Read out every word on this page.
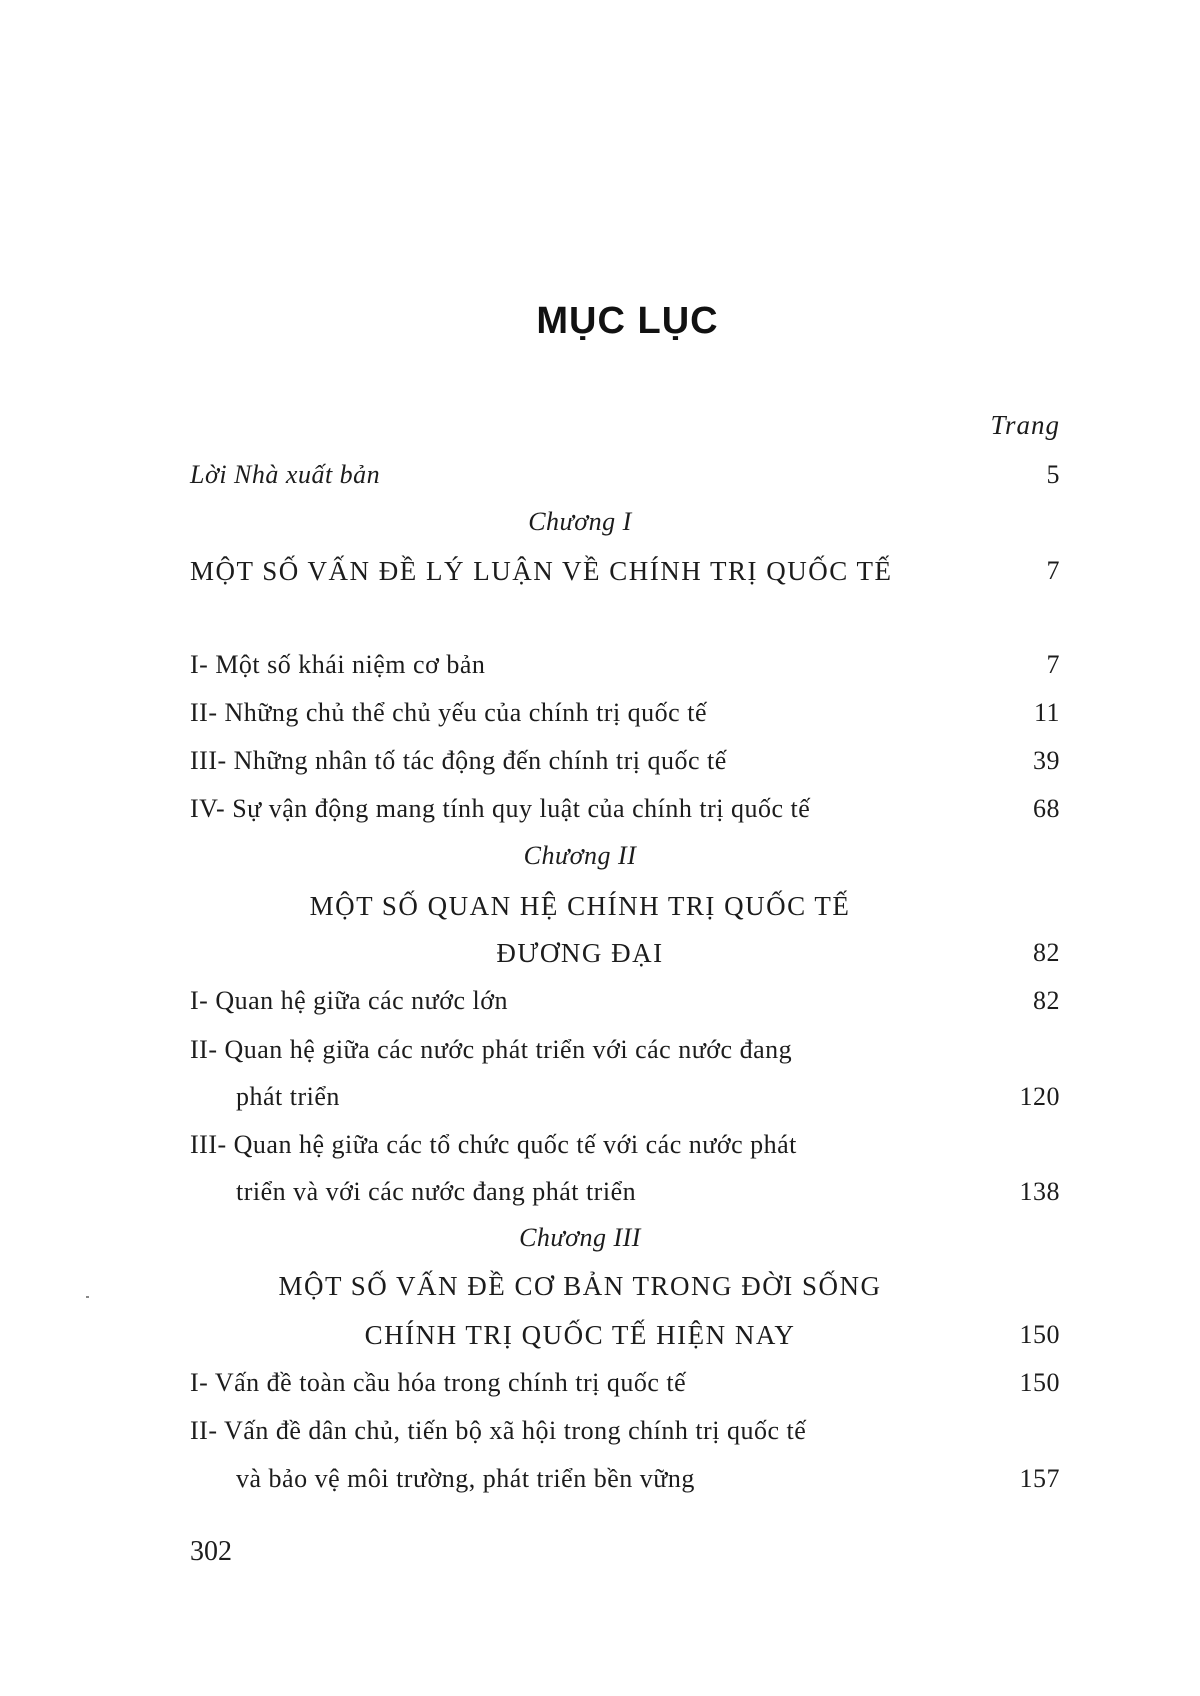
MỤC LỤC
Trang
Lời Nhà xuất bản	5
Chương I
MỘT SỐ VẤN ĐỀ LÝ LUẬN VỀ CHÍNH TRỊ QUỐC TẾ	7
I- Một số khái niệm cơ bản	7
II- Những chủ thể chủ yếu của chính trị quốc tế	11
III- Những nhân tố tác động đến chính trị quốc tế	39
IV- Sự vận động mang tính quy luật của chính trị quốc tế	68
Chương II
MỘT SỐ QUAN HỆ CHÍNH TRỊ QUỐC TẾ
ĐƯƠNG ĐẠI	82
I- Quan hệ giữa các nước lớn	82
II- Quan hệ giữa các nước phát triển với các nước đang
phát triển	120
III- Quan hệ giữa các tổ chức quốc tế với các nước phát
triển và với các nước đang phát triển	138
Chương III
MỘT SỐ VẤN ĐỀ CƠ BẢN TRONG ĐỜI SỐNG
CHÍNH TRỊ QUỐC TẾ HIỆN NAY	150
I- Vấn đề toàn cầu hóa trong chính trị quốc tế	150
II- Vấn đề dân chủ, tiến bộ xã hội trong chính trị quốc tế
và bảo vệ môi trường, phát triển bền vững	157
302
